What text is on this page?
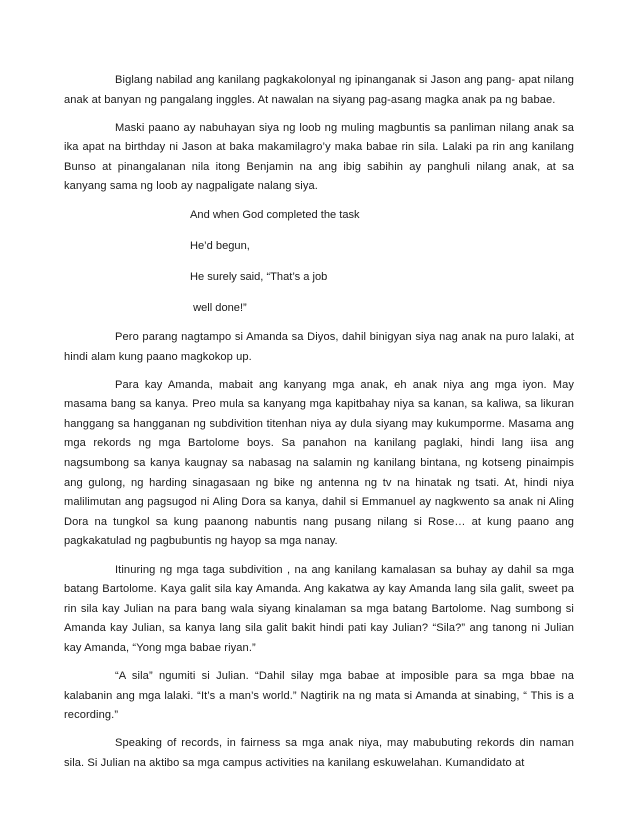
Biglang nabilad ang kanilang pagkakolonyal ng ipinanganak si Jason ang pang- apat nilang anak at banyan ng pangalang inggles. At nawalan na siyang pag-asang magka anak pa ng babae.

Maski paano ay nabuhayan siya ng loob ng muling magbuntis sa panliman nilang anak sa ika apat na birthday ni Jason at baka makamilagro’y maka babae rin sila. Lalaki pa rin ang kanilang Bunso at pinangalanan nila itong Benjamin na ang ibig sabihin ay panghuli nilang anak, at sa kanyang sama ng loob ay nagpaligate nalang siya.

And when God completed the task
He’d begun,
He surely said, “That’s a job
well done!”

Pero parang nagtampo si Amanda sa Diyos, dahil binigyan siya nag anak na puro lalaki, at hindi alam kung paano magkokop up.

Para kay Amanda, mabait ang kanyang mga anak, eh anak niya ang mga iyon. May masama bang sa kanya. Preo mula sa kanyang mga kapitbahay niya sa kanan, sa kaliwa, sa likuran hanggang sa hangganan ng subdivition titenhan niya ay dula siyang may kukumporme. Masama ang mga rekords ng mga Bartolome boys. Sa panahon na kanilang paglaki, hindi lang iisa ang nagsumbong sa kanya kaugnay sa nabasag na salamin ng kanilang bintana, ng kotseng pinaimpis ang gulong, ng harding sinagasaan ng bike ng antenna ng tv na hinatak ng tsati. At, hindi niya malilimutan ang pagsugod ni Aling Dora sa kanya, dahil si Emmanuel ay nagkwento sa anak ni Aling Dora na tungkol sa kung paanong nabuntis nang pusang nilang si Rose… at kung paano ang pagkakatulad ng pagbubuntis ng hayop sa mga nanay.

Itinuring ng mga taga subdivition , na ang kanilang kamalasan sa buhay ay dahil sa mga batang Bartolome. Kaya galit sila kay Amanda. Ang kakatwa ay kay Amanda lang sila galit, sweet pa rin sila kay Julian na para bang wala siyang kinalaman sa mga batang Bartolome. Nag sumbong si Amanda kay Julian, sa kanya lang sila galit bakit hindi pati kay Julian? “Sila?” ang tanong ni Julian kay Amanda, “Yong mga babae riyan.”

“A sila” ngumiti si Julian. “Dahil silay mga babae at imposible para sa mga bbae na kalabanin ang mga lalaki. “It’s a man’s world.” Nagtirik na ng mata si Amanda at sinabing, “ This is a recording.”

Speaking of records, in fairness sa mga anak niya, may mabubuting rekords din naman sila. Si Julian na aktibo sa mga campus activities na kanilang eskuwelahan. Kumandidato at
